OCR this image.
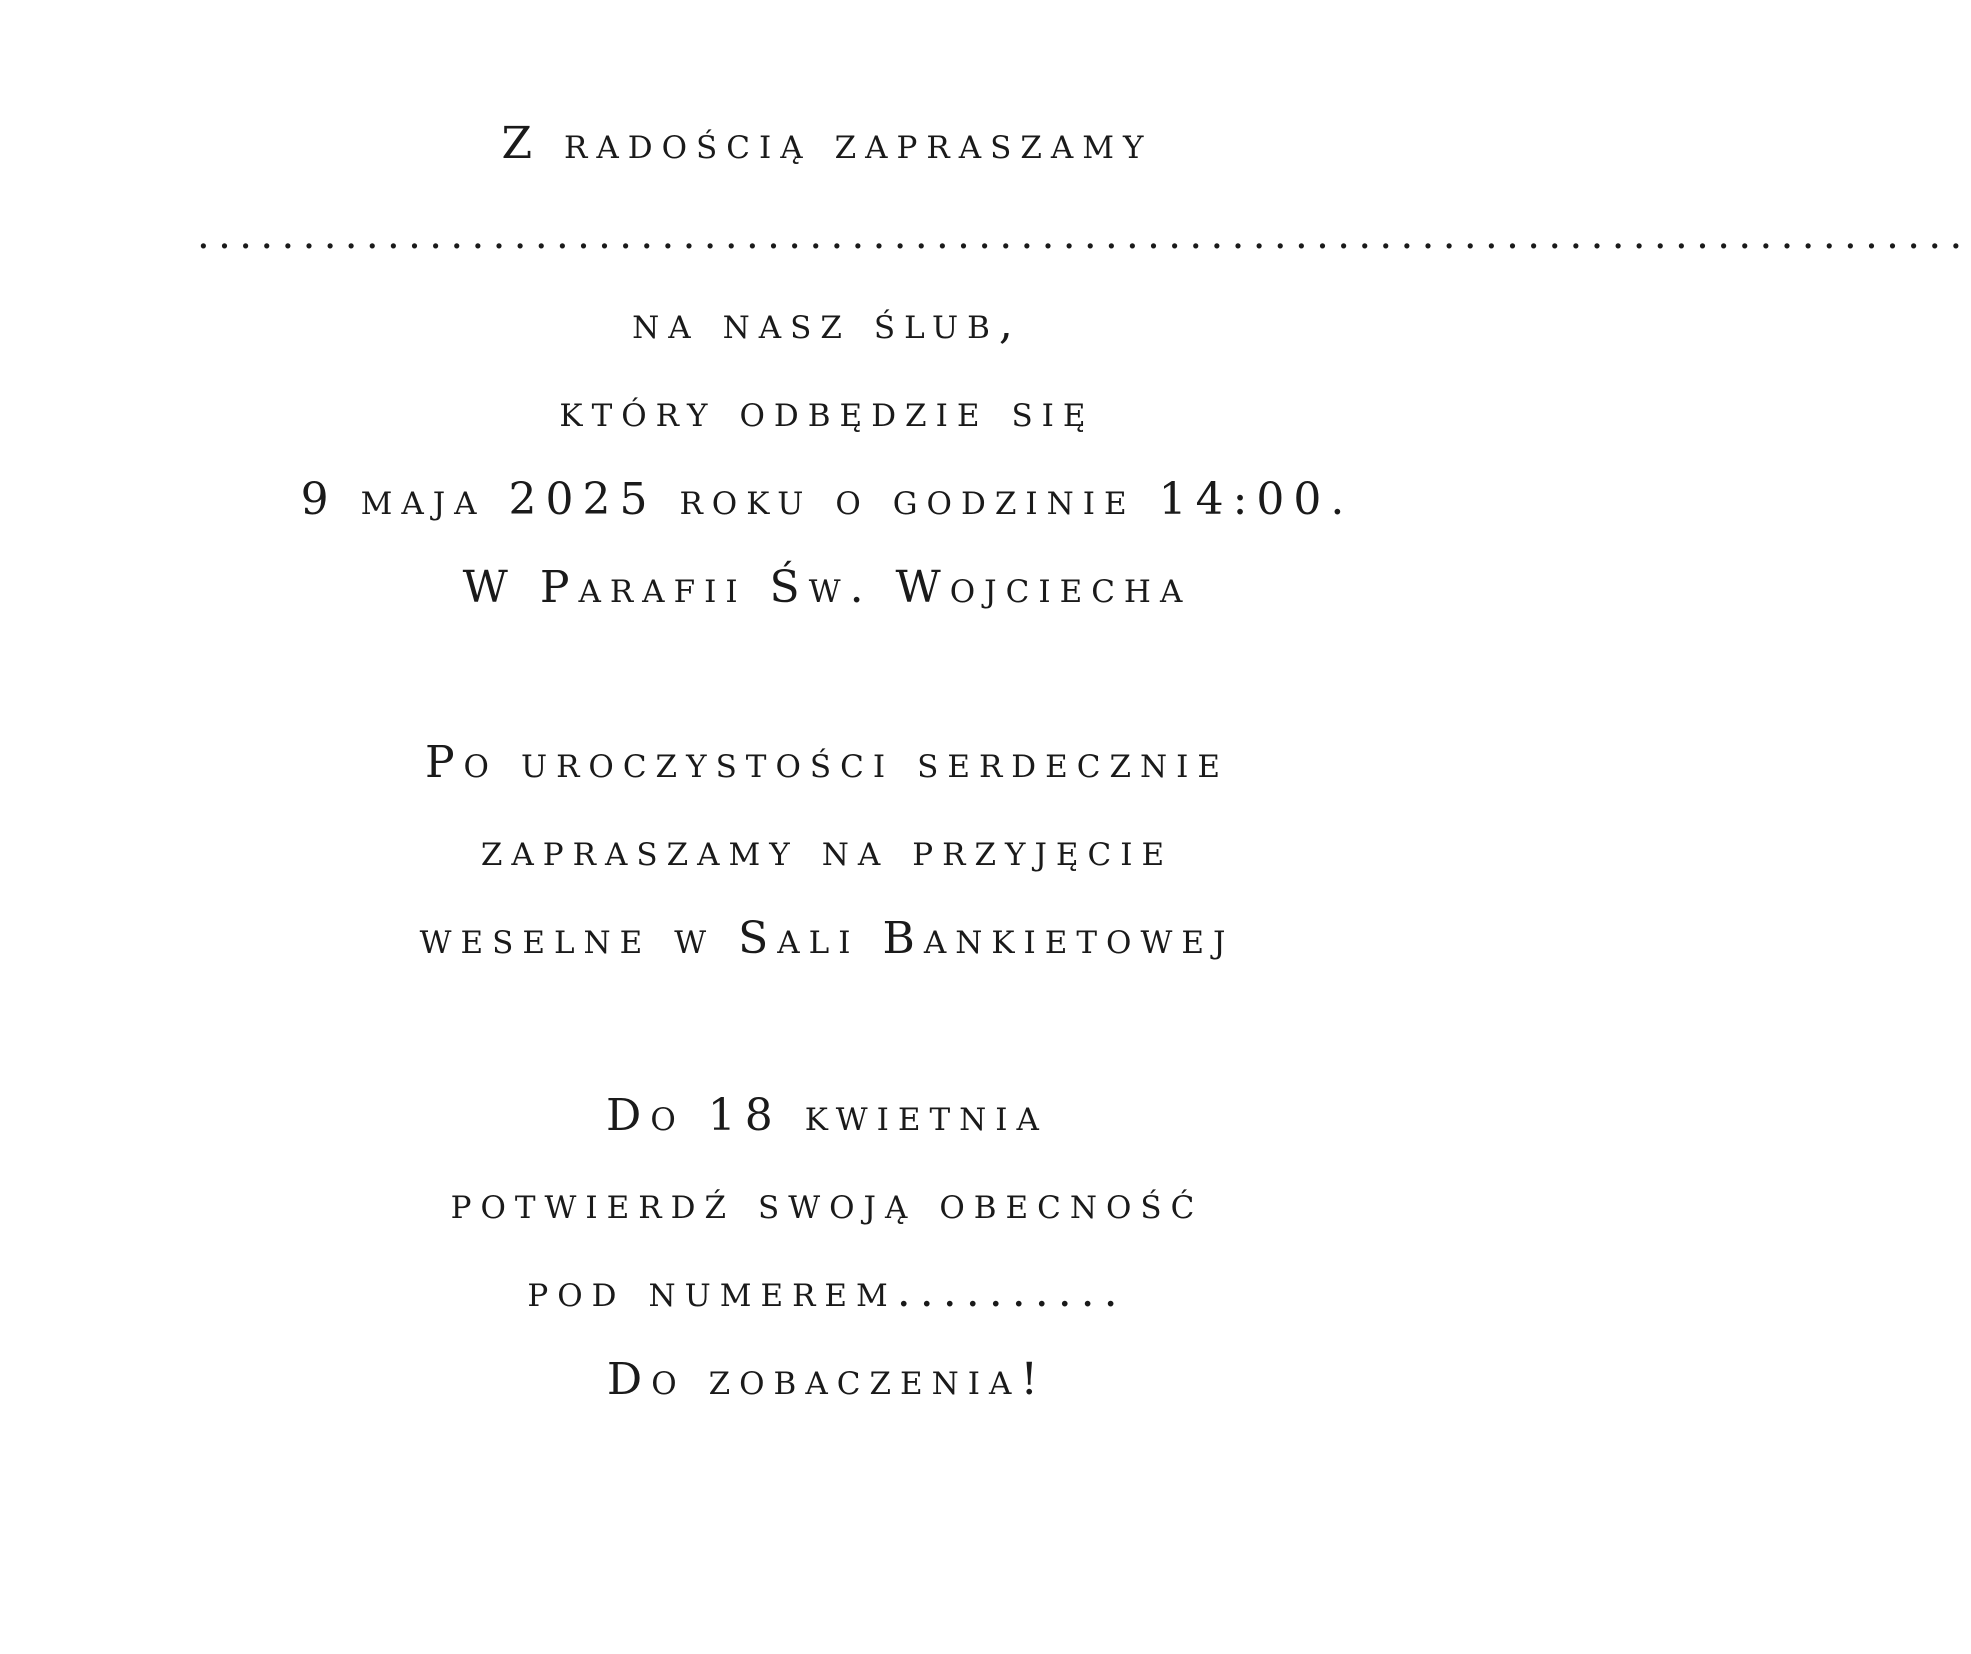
Z radością zapraszamy
....................................................................................
na nasz ślub,
który odbędzie się
9 maja 2025 roku o godzinie 14:00.
W Parafii Św. Wojciecha
Po uroczystości serdecznie
zapraszamy na przyjęcie
weselne w Sali Bankietowej
Do 18 kwietnia
potwierdź swoją obecność
pod numerem..........
Do zobaczenia!
